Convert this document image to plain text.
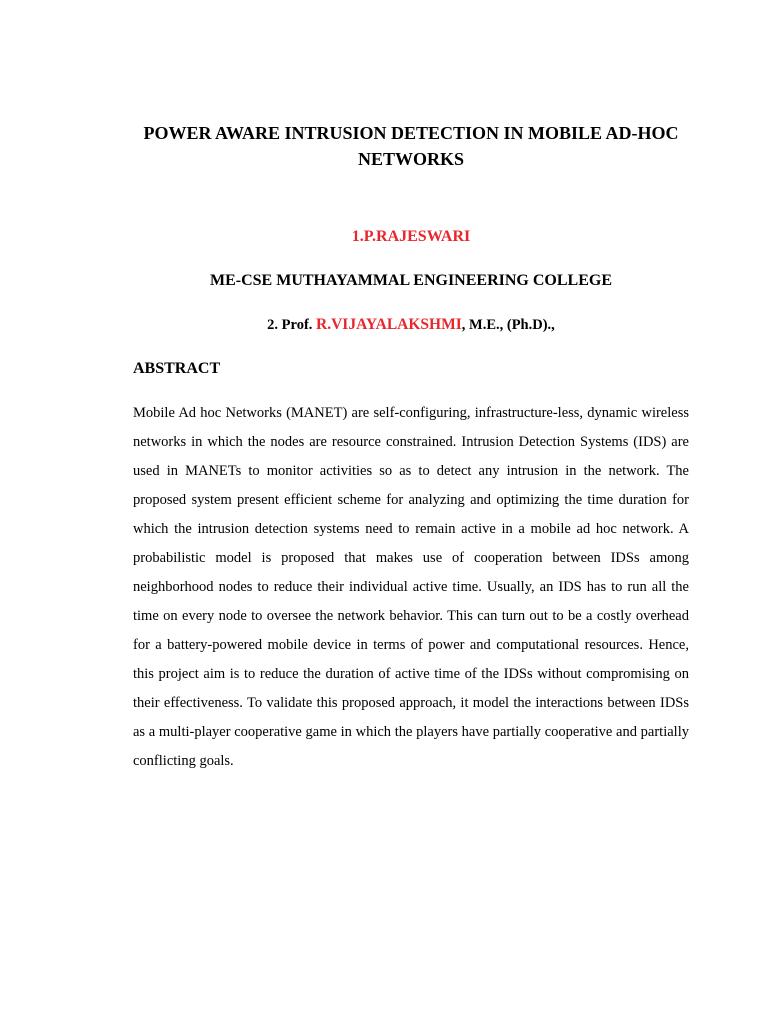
POWER AWARE INTRUSION DETECTION IN MOBILE AD-HOC NETWORKS

1.P.RAJESWARI

ME-CSE MUTHAYAMMAL ENGINEERING COLLEGE

2. Prof. R.VIJAYALAKSHMI, M.E., (Ph.D).,

ABSTRACT

Mobile Ad hoc Networks (MANET) are self-configuring, infrastructure-less, dynamic wireless networks in which the nodes are resource constrained. Intrusion Detection Systems (IDS) are used in MANETs to monitor activities so as to detect any intrusion in the network. The proposed system present efficient scheme for analyzing and optimizing the time duration for which the intrusion detection systems need to remain active in a mobile ad hoc network. A probabilistic model is proposed that makes use of cooperation between IDSs among neighborhood nodes to reduce their individual active time. Usually, an IDS has to run all the time on every node to oversee the network behavior. This can turn out to be a costly overhead for a battery-powered mobile device in terms of power and computational resources. Hence, this project aim is to reduce the duration of active time of the IDSs without compromising on their effectiveness. To validate this proposed approach, it model the interactions between IDSs as a multi-player cooperative game in which the players have partially cooperative and partially conflicting goals.
